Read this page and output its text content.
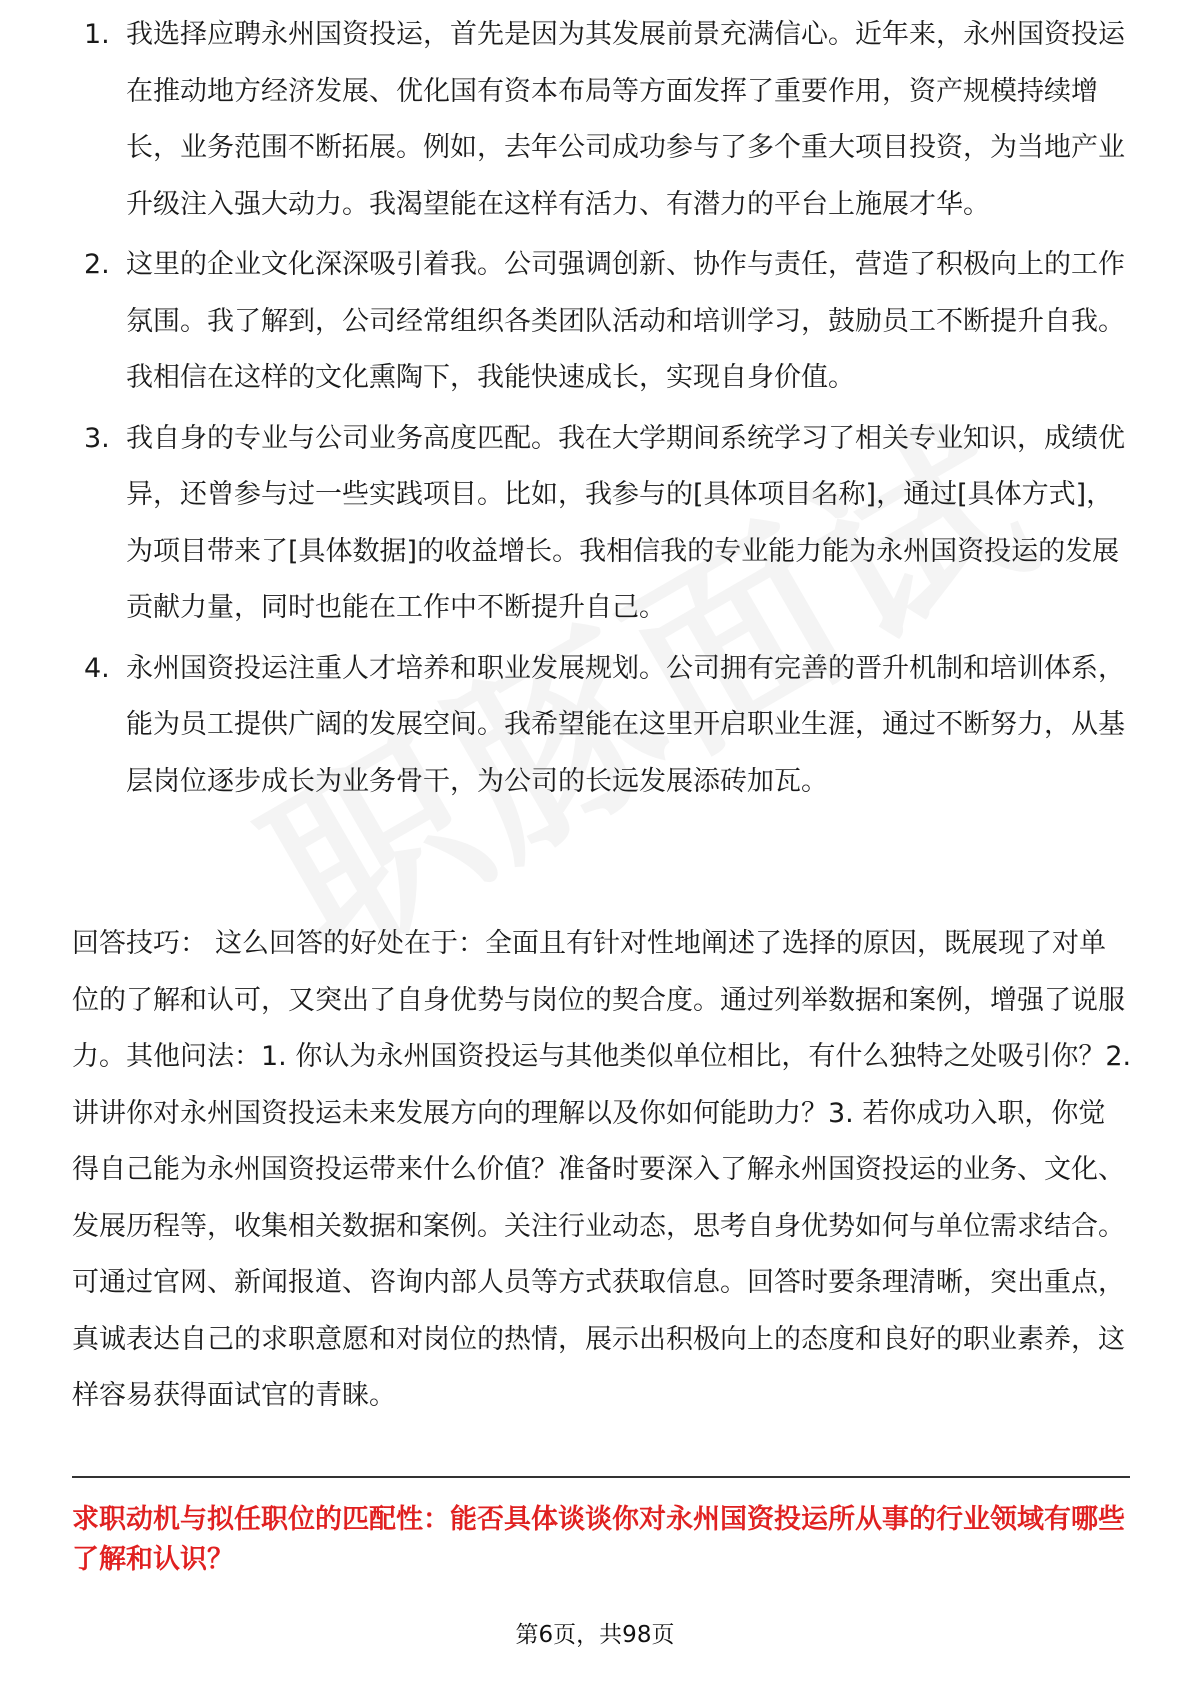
1. 我选择应聘永州国资投运，首先是因为其发展前景充满信心。近年来，永州国资投运在推动地方经济发展、优化国有资本布局等方面发挥了重要作用，资产规模持续增长，业务范围不断拓展。例如，去年公司成功参与了多个重大项目投资，为当地产业升级注入强大动力。我渴望能在这样有活力、有潜力的平台上施展才华。
2. 这里的企业文化深深吸引着我。公司强调创新、协作与责任，营造了积极向上的工作氛围。我了解到，公司经常组织各类团队活动和培训学习，鼓励员工不断提升自我。我相信在这样的文化熏陶下，我能快速成长，实现自身价值。
3. 我自身的专业与公司业务高度匹配。我在大学期间系统学习了相关专业知识，成绩优异，还曾参与过一些实践项目。比如，我参与的[具体项目名称]，通过[具体方式]，为项目带来了[具体数据]的收益增长。我相信我的专业能力能为永州国资投运的发展贡献力量，同时也能在工作中不断提升自己。
4. 永州国资投运注重人才培养和职业发展规划。公司拥有完善的晋升机制和培训体系，能为员工提供广阔的发展空间。我希望能在这里开启职业生涯，通过不断努力，从基层岗位逐步成长为业务骨干，为公司的长远发展添砖加瓦。

回答技巧： 这么回答的好处在于：全面且有针对性地阐述了选择的原因，既展现了对单位的了解和认可，又突出了自身优势与岗位的契合度。通过列举数据和案例，增强了说服力。其他问法：1. 你认为永州国资投运与其他类似单位相比，有什么独特之处吸引你？2. 讲讲你对永州国资投运未来发展方向的理解以及你如何能助力？3. 若你成功入职，你觉得自己能为永州国资投运带来什么价值？准备时要深入了解永州国资投运的业务、文化、发展历程等，收集相关数据和案例。关注行业动态，思考自身优势如何与单位需求结合。可通过官网、新闻报道、咨询内部人员等方式获取信息。回答时要条理清晰，突出重点，真诚表达自己的求职意愿和对岗位的热情，展示出积极向上的态度和良好的职业素养，这样容易获得面试官的青睐。

求职动机与拟任职位的匹配性：能否具体谈谈你对永州国资投运所从事的行业领域有哪些了解和认识？

第6页，共98页
